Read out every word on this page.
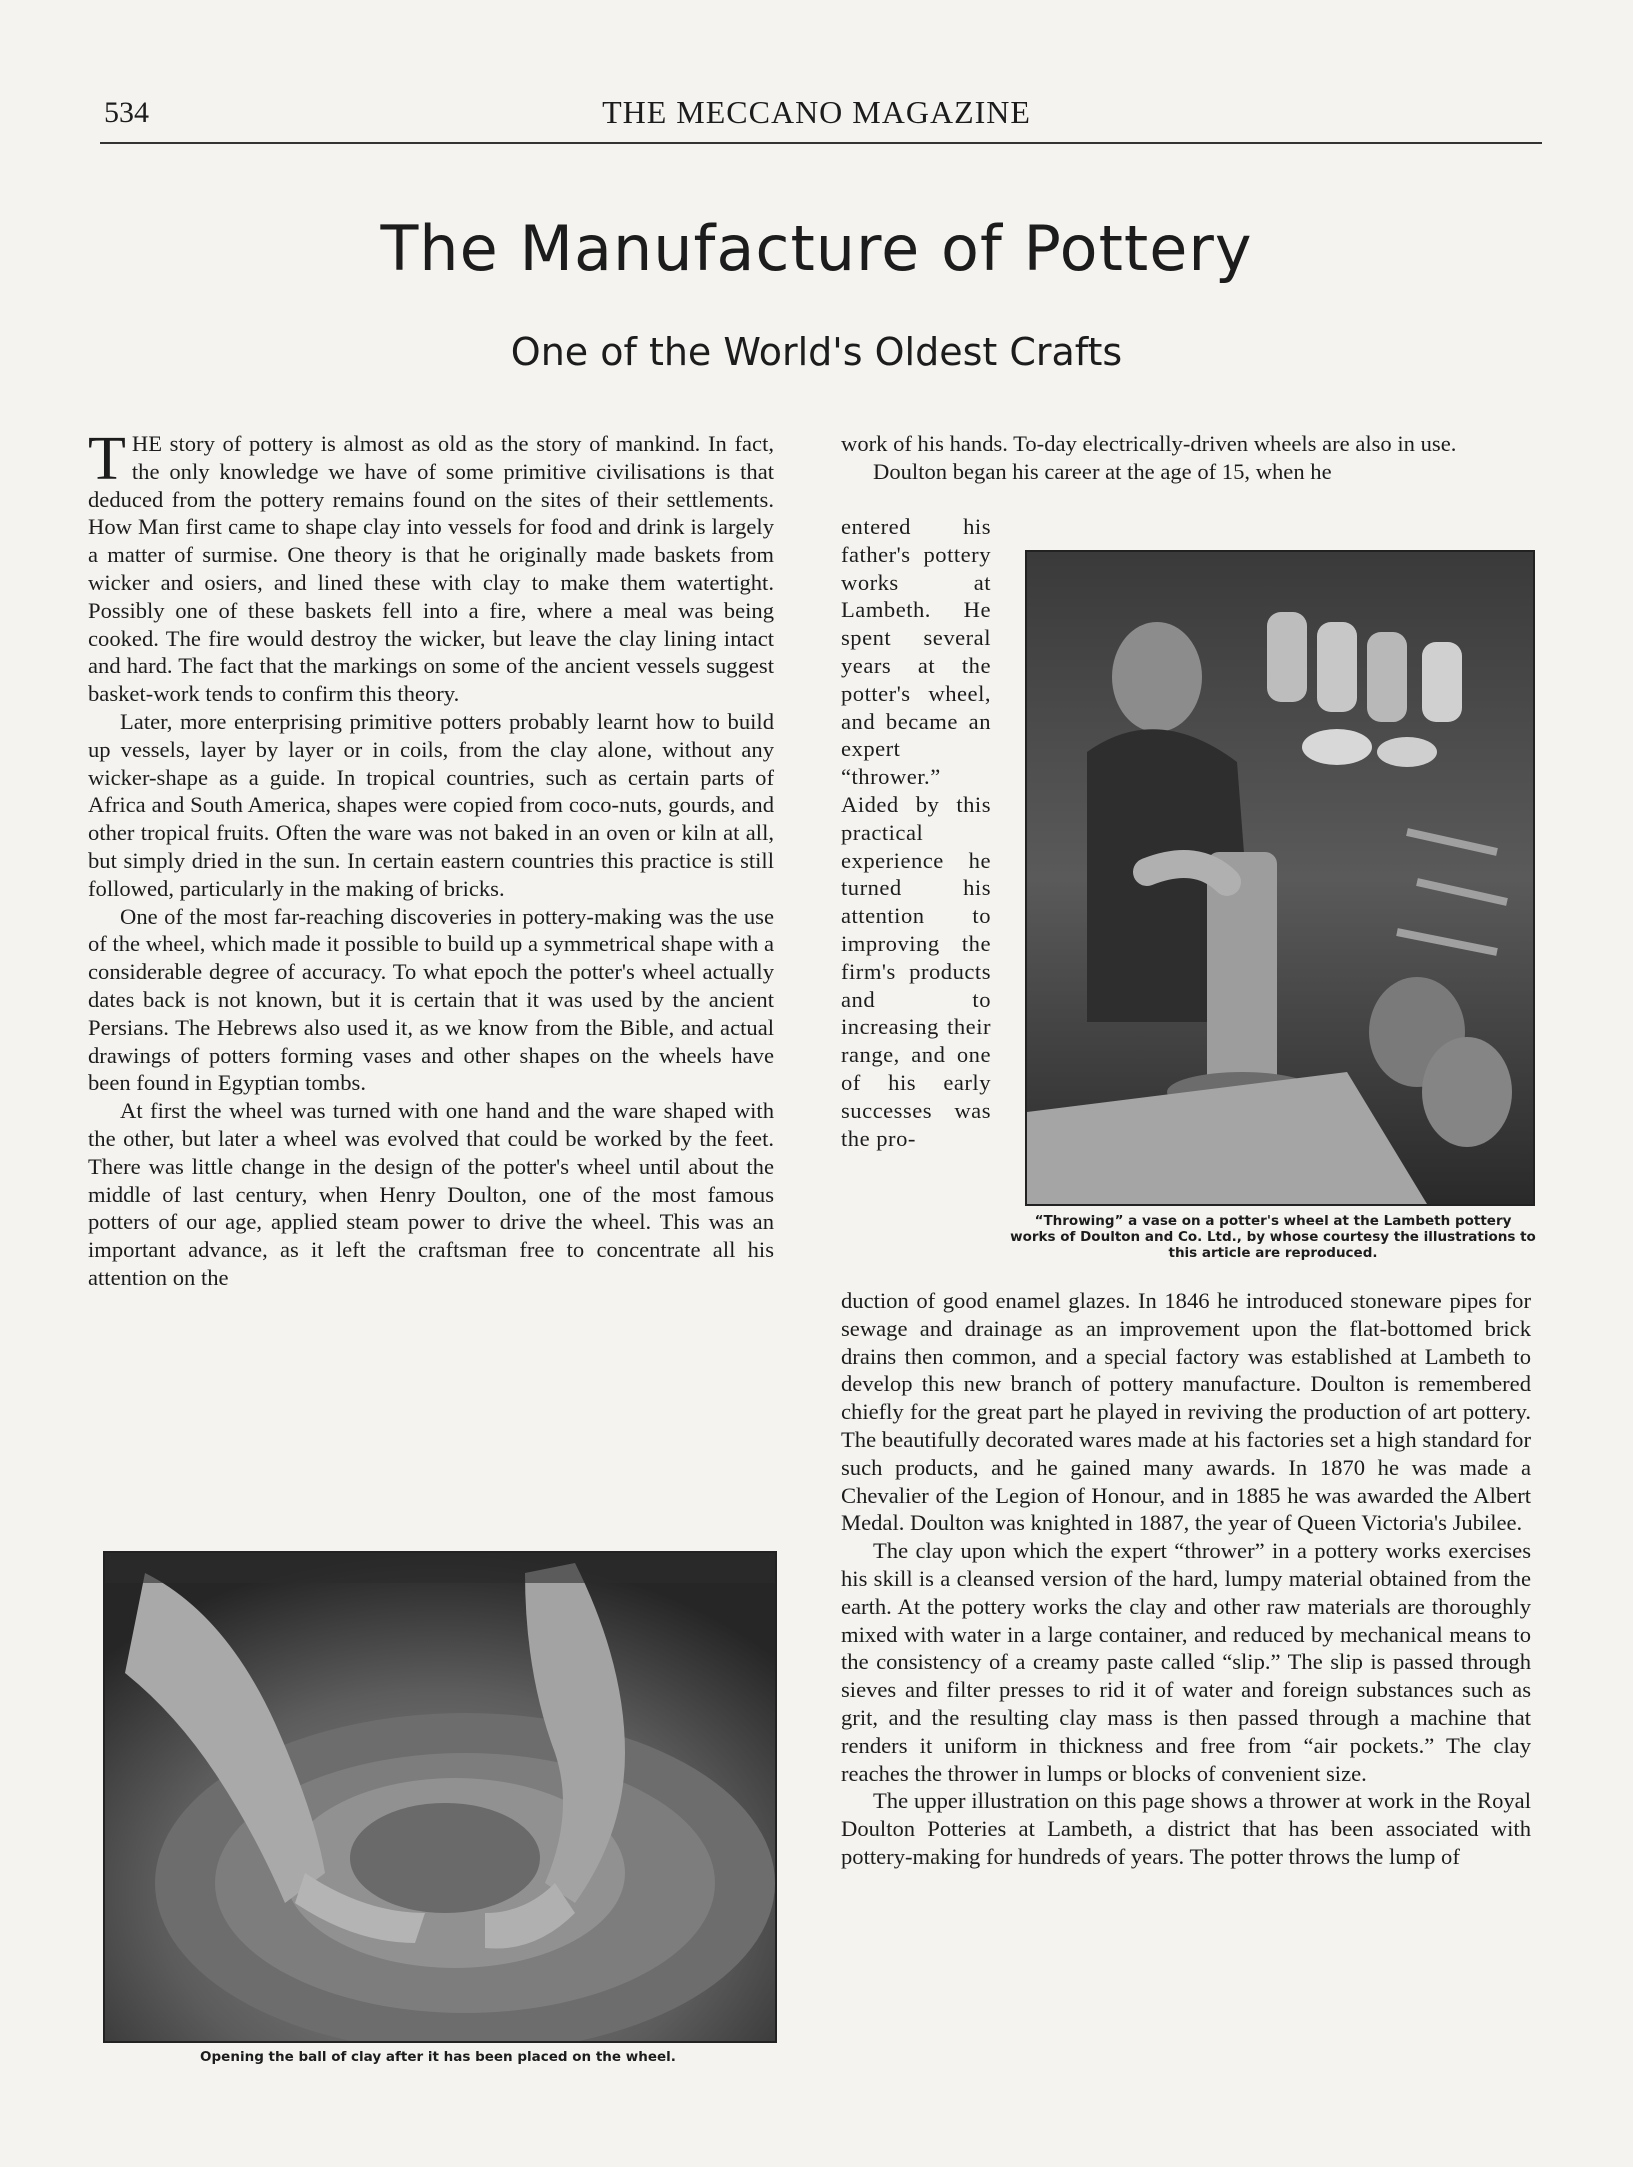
534	THE MECCANO MAGAZINE
The Manufacture of Pottery
One of the World's Oldest Crafts

THE story of pottery is almost as old as the story of mankind. In fact, the only knowledge we have of some primitive civilisations is that deduced from the pottery remains found on the sites of their settlements. How Man first came to shape clay into vessels for food and drink is largely a matter of surmise. One theory is that he originally made baskets from wicker and osiers, and lined these with clay to make them watertight. Possibly one of these baskets fell into a fire, where a meal was being cooked. The fire would destroy the wicker, but leave the clay lining intact and hard. The fact that the markings on some of the ancient vessels suggest basket-work tends to confirm this theory.

Later, more enterprising primitive potters probably learnt how to build up vessels, layer by layer or in coils, from the clay alone, without any wicker-shape as a guide. In tropical countries, such as certain parts of Africa and South America, shapes were copied from coco-nuts, gourds, and other tropical fruits. Often the ware was not baked in an oven or kiln at all, but simply dried in the sun. In certain eastern countries this practice is still followed, particularly in the making of bricks.

One of the most far-reaching discoveries in pottery-making was the use of the wheel, which made it possible to build up a symmetrical shape with a considerable degree of accuracy. To what epoch the potter's wheel actually dates back is not known, but it is certain that it was used by the ancient Persians. The Hebrews also used it, as we know from the Bible, and actual drawings of potters forming vases and other shapes on the wheels have been found in Egyptian tombs.

At first the wheel was turned with one hand and the ware shaped with the other, but later a wheel was evolved that could be worked by the feet. There was little change in the design of the potter's wheel until about the middle of last century, when Henry Doulton, one of the most famous potters of our age, applied steam power to drive the wheel. This was an important advance, as it left the craftsman free to concentrate all his attention on the

work of his hands. To-day electrically-driven wheels are also in use.

Doulton began his career at the age of 15, when he

entered his father's pottery works at Lambeth. He spent several years at the potter's wheel, and became an expert “thrower.” Aided by this practical experience he turned his attention to improving the firm's products and to increasing their range, and one of his early successes was the pro-

“Throwing” a vase on a potter's wheel at the Lambeth pottery works of Doulton and Co. Ltd., by whose courtesy the illustrations to this article are reproduced.

duction of good enamel glazes. In 1846 he introduced stoneware pipes for sewage and drainage as an improvement upon the flat-bottomed brick drains then common, and a special factory was established at Lambeth to develop this new branch of pottery manufacture. Doulton is remembered chiefly for the great part he played in reviving the production of art pottery. The beautifully decorated wares made at his factories set a high standard for such products, and he gained many awards. In 1870 he was made a Chevalier of the Legion of Honour, and in 1885 he was awarded the Albert Medal. Doulton was knighted in 1887, the year of Queen Victoria's Jubilee.

The clay upon which the expert “thrower” in a pottery works exercises his skill is a cleansed version of the hard, lumpy material obtained from the earth. At the pottery works the clay and other raw materials are thoroughly mixed with water in a large container, and reduced by mechanical means to the consistency of a creamy paste called “slip.” The slip is passed through sieves and filter presses to rid it of water and foreign substances such as grit, and the resulting clay mass is then passed through a machine that renders it uniform in thickness and free from “air pockets.” The clay reaches the thrower in lumps or blocks of convenient size.

The upper illustration on this page shows a thrower at work in the Royal Doulton Potteries at Lambeth, a district that has been associated with pottery-making for hundreds of years. The potter throws the lump of

Opening the ball of clay after it has been placed on the wheel.
